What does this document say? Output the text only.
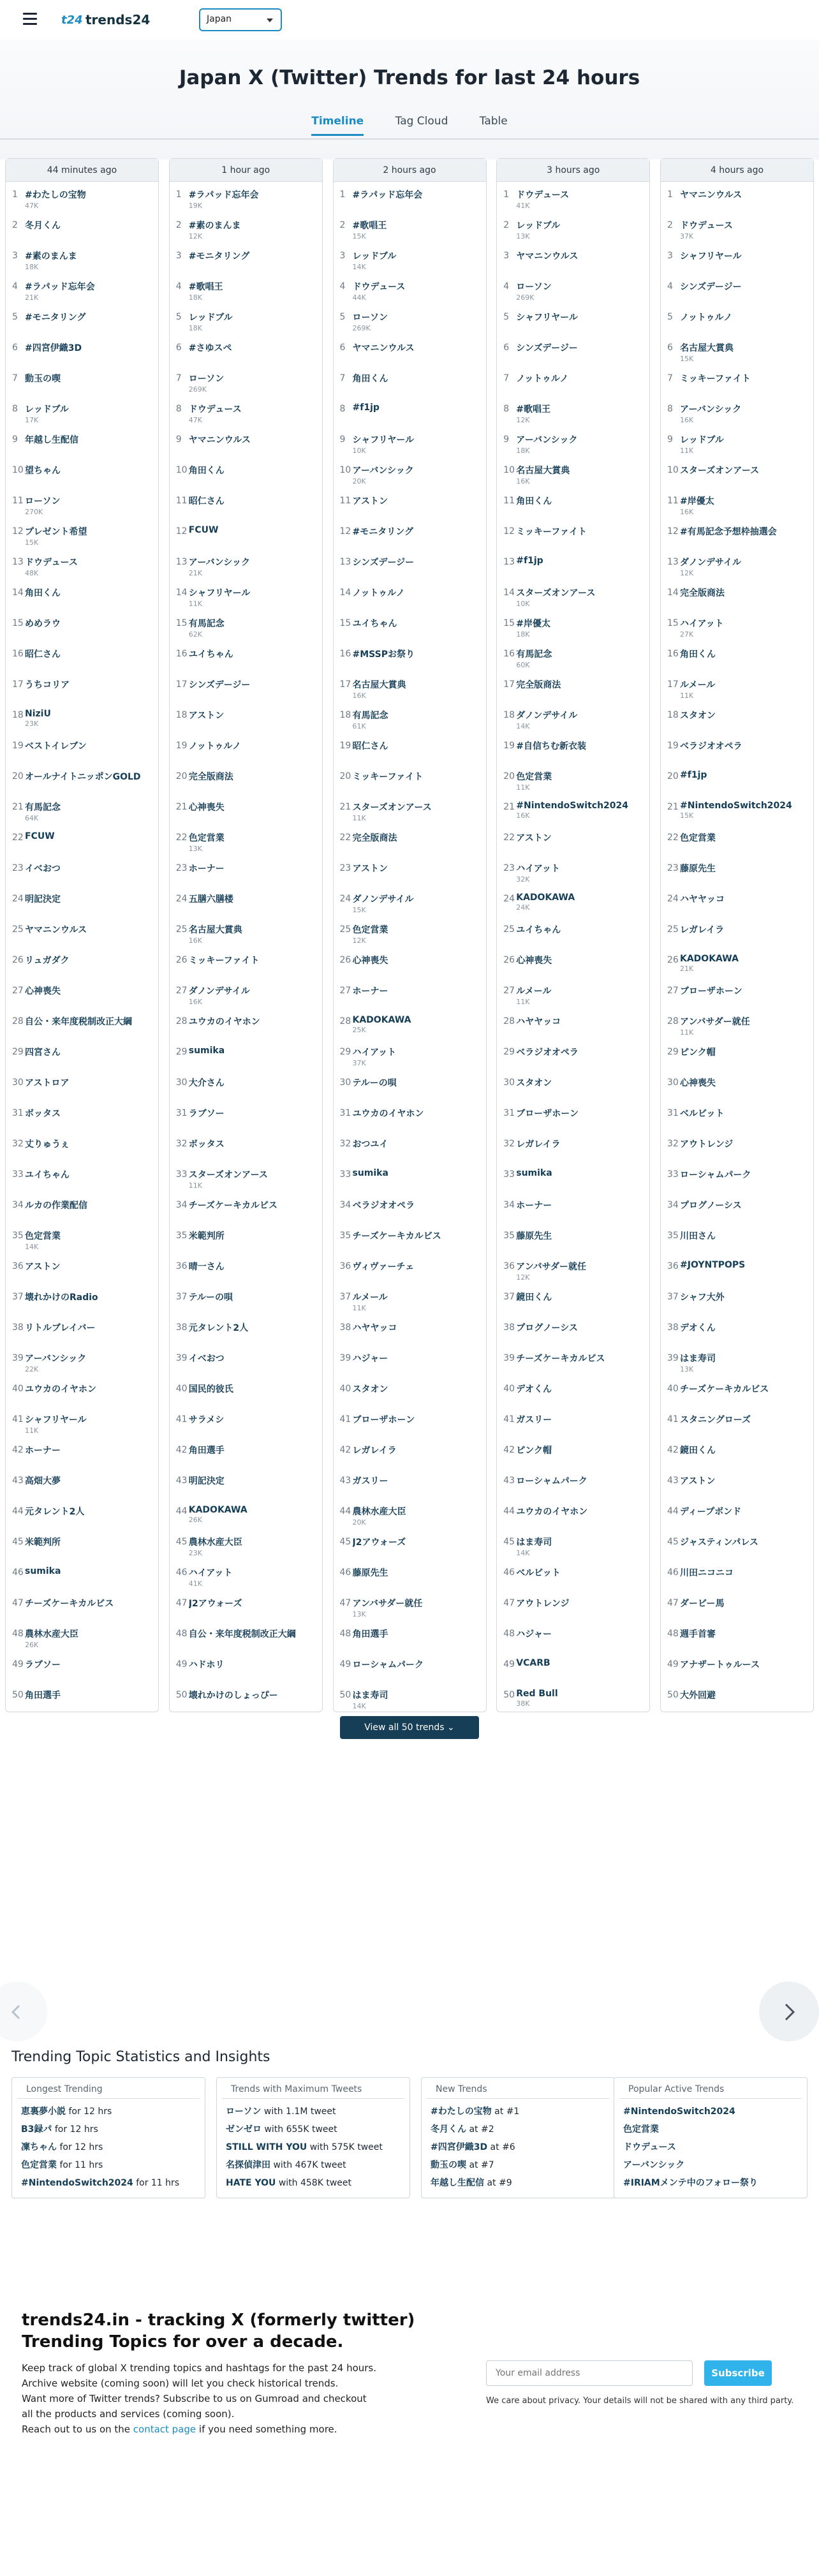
t24 trends24	Japan
Japan X (Twitter) Trends for last 24 hours
Timeline	Tag Cloud	Table
44 minutes ago
1 #わたしの宝物
47K
2 冬月くん
3 #素のまんま
18K
4 #ラパッド忘年会
21K
5 #モニタリング
6 #四宮伊織3D
7 動玉の喫
8 レッドブル
17K
9 年越し生配信
10 望ちゃん
11 ローソン
270K
12 プレゼント希望
15K
13 ドウデュース
48K
14 角田くん
15 めめラウ
16 昭仁さん
17 うちコリア
18 NiziU
23K
19 ベストイレブン
20 オールナイトニッポンGOLD
21 有馬記念
64K
22 FCUW
23 イベおつ
24 明記決定
25 ヤマニンウルス
26 リュガダク
27 心神喪失
28 自公・来年度税制改正大綱
29 四宮さん
30 アストロア
31 ボッタス
32 丈りゅうぇ
33 ユイちゃん
34 ルカの作業配信
35 色定営業
14K
36 アストン
37 壊れかけのRadio
38 リトルブレイバー
39 アーバンシック
22K
40 ユウカのイヤホン
41 シャフリヤール
11K
42 ホーナー
43 高畑大夢
44 元タレント2人
45 米範判所
46 sumika
47 チーズケーキカルビス
48 農林水産大臣
26K
49 ラブソー
50 角田選手
1 hour ago
1 #ラパッド忘年会
19K
2 #素のまんま
12K
3 #モニタリング
4 #歌唱王
18K
5 レッドブル
18K
6 #さゆスペ
7 ローソン
269K
8 ドウデュース
47K
9 ヤマニンウルス
10 角田くん
11 昭仁さん
12 FCUW
13 アーバンシック
21K
14 シャフリヤール
11K
15 有馬記念
62K
16 ユイちゃん
17 シンズデージー
18 アストン
19 ノットゥルノ
20 完全版商法
21 心神喪失
22 色定営業
13K
23 ホーナー
24 五膳六膳楼
25 名古屋大賞典
16K
26 ミッキーファイト
27 ダノンデサイル
16K
28 ユウカのイヤホン
29 sumika
30 大介さん
31 ラブソー
32 ボッタス
33 スターズオンアース
11K
34 チーズケーキカルビス
35 米範判所
36 晴一さん
37 テルーの唄
38 元タレント2人
39 イベおつ
40 国民的彼氏
41 サラメシ
42 角田選手
43 明記決定
44 KADOKAWA
26K
45 農林水産大臣
23K
46 ハイアット
41K
47 J2アウォーズ
48 自公・来年度税制改正大綱
49 ハドホリ
50 壊れかけのしょっぴー
2 hours ago
1 #ラパッド忘年会
2 #歌唱王
15K
3 レッドブル
14K
4 ドウデュース
44K
5 ローソン
269K
6 ヤマニンウルス
7 角田くん
8 #f1jp
9 シャフリヤール
10K
10 アーバンシック
20K
11 アストン
12 #モニタリング
13 シンズデージー
14 ノットゥルノ
15 ユイちゃん
16 #MSSPお祭り
17 名古屋大賞典
16K
18 有馬記念
61K
19 昭仁さん
20 ミッキーファイト
21 スターズオンアース
11K
22 完全版商法
23 アストン
24 ダノンデサイル
15K
25 色定営業
12K
26 心神喪失
27 ホーナー
28 KADOKAWA
25K
29 ハイアット
37K
30 テルーの唄
31 ユウカのイヤホン
32 おつユイ
33 sumika
34 ベラジオオペラ
35 チーズケーキカルビス
36 ヴィヴァーチェ
37 ルメール
11K
38 ハヤヤッコ
39 ハジャー
40 スタオン
41 ブローザホーン
42 レガレイラ
43 ガスリー
44 農林水産大臣
20K
45 J2アウォーズ
46 藤原先生
47 アンバサダー就任
13K
48 角田選手
49 ローシャムパーク
50 はま寿司
14K
3 hours ago
1 ドウデュース
41K
2 レッドブル
13K
3 ヤマニンウルス
4 ローソン
269K
5 シャフリヤール
6 シンズデージー
7 ノットゥルノ
8 #歌唱王
12K
9 アーバンシック
18K
10 名古屋大賞典
16K
11 角田くん
12 ミッキーファイト
13 #f1jp
14 スターズオンアース
10K
15 #岸優太
18K
16 有馬記念
60K
17 完全版商法
18 ダノンデサイル
14K
19 #自信ちむ新衣装
20 色定営業
11K
21 #NintendoSwitch2024
16K
22 アストン
23 ハイアット
32K
24 KADOKAWA
24K
25 ユイちゃん
26 心神喪失
27 ルメール
11K
28 ハヤヤッコ
29 ベラジオオペラ
30 スタオン
31 ブローザホーン
32 レガレイラ
33 sumika
34 ホーナー
35 藤原先生
36 アンバサダー就任
12K
37 鏡田くん
38 プログノーシス
39 チーズケーキカルビス
40 デオくん
41 ガスリー
42 ピンク帽
43 ローシャムパーク
44 ユウカのイヤホン
45 はま寿司
14K
46 ベルビット
47 アウトレンジ
48 ハジャー
49 VCARB
50 Red Bull
38K
4 hours ago
1 ヤマニンウルス
2 ドウデュース
37K
3 シャフリヤール
4 シンズデージー
5 ノットゥルノ
6 名古屋大賞典
15K
7 ミッキーファイト
8 アーバンシック
16K
9 レッドブル
11K
10 スターズオンアース
11 #岸優太
16K
12 #有馬記念予想枠抽選会
13 ダノンデサイル
12K
14 完全版商法
15 ハイアット
27K
16 角田くん
17 ルメール
11K
18 スタオン
19 ベラジオオペラ
20 #f1jp
21 #NintendoSwitch2024
15K
22 色定営業
23 藤原先生
24 ハヤヤッコ
25 レガレイラ
26 KADOKAWA
21K
27 ブローザホーン
28 アンバサダー就任
11K
29 ピンク帽
30 心神喪失
31 ベルビット
32 アウトレンジ
33 ローシャムパーク
34 プログノーシス
35 川田さん
36 #JOYNTPOPS
37 シャフ大外
38 デオくん
39 はま寿司
13K
40 チーズケーキカルビス
41 スタニングローズ
42 鏡田くん
43 アストン
44 ディープボンド
45 ジャスティンパレス
46 川田ニコニコ
47 ダービー馬
48 週手首審
49 アナザートゥルース
50 大外回避
View all 50 trends ⌄
Trending Topic Statistics and Insights
Longest Trending
恵裏夢小説 for 12 hrs
B3録パ for 12 hrs
凜ちゃん for 12 hrs
色定営業 for 11 hrs
#NintendoSwitch2024 for 11 hrs
Trends with Maximum Tweets
ローソン with 1.1M tweet
ゼンゼロ with 655K tweet
STILL WITH YOU with 575K tweet
名探偵津田 with 467K tweet
HATE YOU with 458K tweet
New Trends
#わたしの宝物 at #1
冬月くん at #2
#四宮伊織3D at #6
動玉の喫 at #7
年越し生配信 at #9
Popular Active Trends
#NintendoSwitch2024
色定営業
ドウデュース
アーバンシック
#IRIAMメンテ中のフォロー祭り
trends24.in - tracking X (formerly twitter) Trending Topics for over a decade.
Keep track of global X trending topics and hashtags for the past 24 hours.
Archive website (coming soon) will let you check historical trends.
Want more of Twitter trends? Subscribe to us on Gumroad and checkout all the products and services (coming soon).
Reach out to us on the contact page if you need something more.
Your email address
Subscribe
We care about privacy. Your details will not be shared with any third party.
